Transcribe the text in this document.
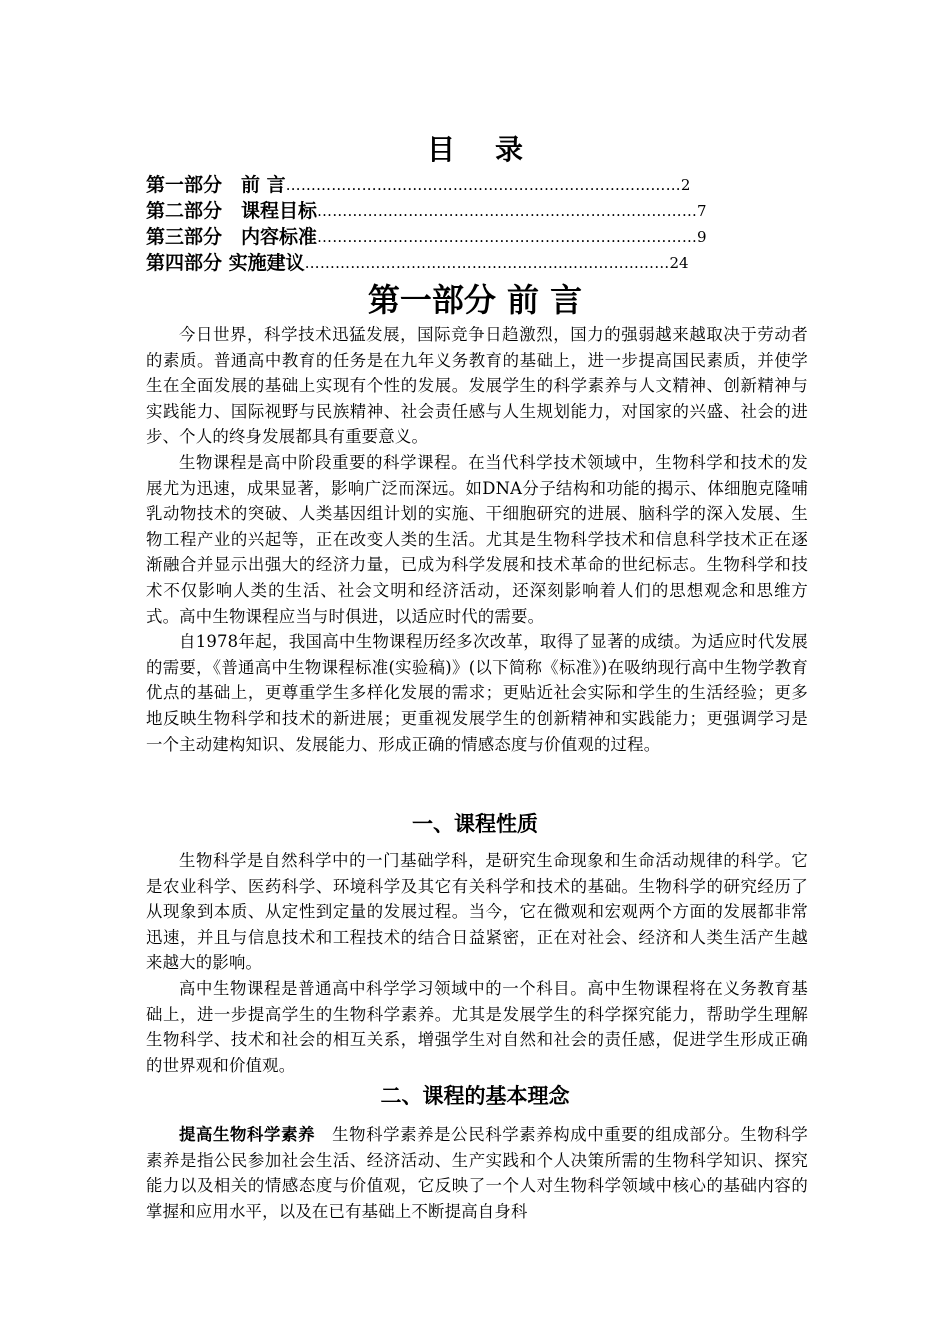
目 录
第一部分　前 言……………………………………………………………………2
第二部分　课程目标…………………………………………………………………7
第三部分　内容标准…………………………………………………………………9
第四部分 实施建议………………………………………………………………24
第一部分 前 言

今日世界，科学技术迅猛发展，国际竞争日趋激烈，国力的强弱越来越取决于劳动者的素质。普通高中教育的任务是在九年义务教育的基础上，进一步提高国民素质，并使学生在全面发展的基础上实现有个性的发展。发展学生的科学素养与人文精神、创新精神与实践能力、国际视野与民族精神、社会责任感与人生规划能力，对国家的兴盛、社会的进步、个人的终身发展都具有重要意义。

生物课程是高中阶段重要的科学课程。在当代科学技术领域中，生物科学和技术的发展尤为迅速，成果显著，影响广泛而深远。如DNA分子结构和功能的揭示、体细胞克隆哺乳动物技术的突破、人类基因组计划的实施、干细胞研究的进展、脑科学的深入发展、生物工程产业的兴起等，正在改变人类的生活。尤其是生物科学技术和信息科学技术正在逐渐融合并显示出强大的经济力量，已成为科学发展和技术革命的世纪标志。生物科学和技术不仅影响人类的生活、社会文明和经济活动，还深刻影响着人们的思想观念和思维方式。高中生物课程应当与时俱进，以适应时代的需要。

自1978年起，我国高中生物课程历经多次改革，取得了显著的成绩。为适应时代发展的需要，《普通高中生物课程标准(实验稿)》(以下简称《标准》)在吸纳现行高中生物学教育优点的基础上，更尊重学生多样化发展的需求；更贴近社会实际和学生的生活经验；更多地反映生物科学和技术的新进展；更重视发展学生的创新精神和实践能力；更强调学习是一个主动建构知识、发展能力、形成正确的情感态度与价值观的过程。

一、课程性质

生物科学是自然科学中的一门基础学科，是研究生命现象和生命活动规律的科学。它是农业科学、医药科学、环境科学及其它有关科学和技术的基础。生物科学的研究经历了从现象到本质、从定性到定量的发展过程。当今，它在微观和宏观两个方面的发展都非常迅速，并且与信息技术和工程技术的结合日益紧密，正在对社会、经济和人类生活产生越来越大的影响。

高中生物课程是普通高中科学学习领域中的一个科目。高中生物课程将在义务教育基础上，进一步提高学生的生物科学素养。尤其是发展学生的科学探究能力，帮助学生理解生物科学、技术和社会的相互关系，增强学生对自然和社会的责任感，促进学生形成正确的世界观和价值观。

二、课程的基本理念

提高生物科学素养　 生物科学素养是公民科学素养构成中重要的组成部分。生物科学素养是指公民参加社会生活、经济活动、生产实践和个人决策所需的生物科学知识、探究能力以及相关的情感态度与价值观，它反映了一个人对生物科学领域中核心的基础内容的掌握和应用水平，以及在已有基础上不断提高自身科
